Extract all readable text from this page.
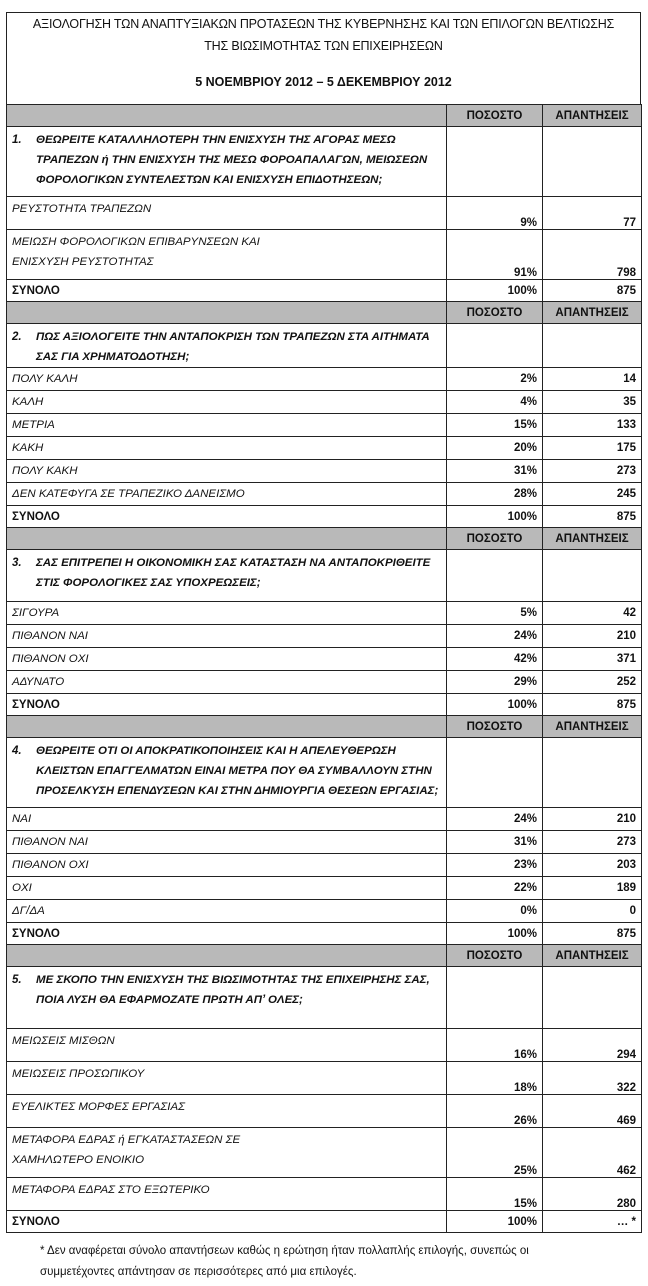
ΑΞΙΟΛΟΓΗΣΗ ΤΩΝ ΑΝΑΠΤΥΞΙΑΚΩΝ ΠΡΟΤΑΣΕΩΝ ΤΗΣ ΚΥΒΕΡΝΗΣΗΣ ΚΑΙ ΤΩΝ ΕΠΙΛΟΓΩΝ ΒΕΛΤΙΩΣΗΣ
ΤΗΣ ΒΙΩΣΙΜΟΤΗΤΑΣ ΤΩΝ ΕΠΙΧΕΙΡΗΣΕΩΝ
5 ΝΟΕΜΒΡΙΟΥ 2012 – 5 ΔΕΚΕΜΒΡΙΟΥ 2012
	ΠΟΣΟΣΤΟ	ΑΠΑΝΤΗΣΕΙΣ

1. ΘΕΩΡΕΙΤΕ ΚΑΤΑΛΛΗΛΟΤΕΡΗ ΤΗΝ ΕΝΙΣΧΥΣΗ ΤΗΣ ΑΓΟΡΑΣ ΜΕΣΩ ΤΡΑΠΕΖΩΝ ή ΤΗΝ ΕΝΙΣΧΥΣΗ ΤΗΣ ΜΕΣΩ ΦΟΡΟΑΠΑΛΑΓΩΝ, ΜΕΙΩΣΕΩΝ ΦΟΡΟΛΟΓΙΚΩΝ ΣΥΝΤΕΛΕΣΤΩΝ ΚΑΙ ΕΝΙΣΧΥΣΗ ΕΠΙΔΟΤΗΣΕΩΝ;		

ΡΕΥΣΤΟΤΗΤΑ ΤΡΑΠΕΖΩΝ	9%	77

ΜΕΙΩΣΗ ΦΟΡΟΛΟΓΙΚΩΝ ΕΠΙΒΑΡΥΝΣΕΩΝ ΚΑΙ ΕΝΙΣΧΥΣΗ ΡΕΥΣΤΟΤΗΤΑΣ	91%	798
ΣΥΝΟΛΟ	100%	875
	ΠΟΣΟΣΤΟ	ΑΠΑΝΤΗΣΕΙΣ

2. ΠΩΣ ΑΞΙΟΛΟΓΕΙΤΕ ΤΗΝ ΑΝΤΑΠΟΚΡΙΣΗ ΤΩΝ ΤΡΑΠΕΖΩΝ ΣΤΑ ΑΙΤΗΜΑΤΑ ΣΑΣ ΓΙΑ ΧΡΗΜΑΤΟΔΟΤΗΣΗ;		

ΠΟΛΥ ΚΑΛΗ	2%	14

ΚΑΛΗ	4%	35

ΜΕΤΡΙΑ	15%	133

ΚΑΚΗ	20%	175

ΠΟΛΥ ΚΑΚΗ	31%	273

ΔΕΝ ΚΑΤΕΦΥΓΑ ΣΕ ΤΡΑΠΕΖΙΚΟ ΔΑΝΕΙΣΜΟ	28%	245
ΣΥΝΟΛΟ	100%	875
	ΠΟΣΟΣΤΟ	ΑΠΑΝΤΗΣΕΙΣ

3. ΣΑΣ ΕΠΙΤΡΕΠΕΙ Η ΟΙΚΟΝΟΜΙΚΗ ΣΑΣ ΚΑΤΑΣΤΑΣΗ ΝΑ ΑΝΤΑΠΟΚΡΙΘΕΙΤΕ ΣΤΙΣ ΦΟΡΟΛΟΓΙΚΕΣ ΣΑΣ ΥΠΟΧΡΕΩΣΕΙΣ;		

ΣΙΓΟΥΡΑ	5%	42

ΠΙΘΑΝΟΝ ΝΑΙ	24%	210

ΠΙΘΑΝΟΝ ΟΧΙ	42%	371

ΑΔΥΝΑΤΟ	29%	252
ΣΥΝΟΛΟ	100%	875
	ΠΟΣΟΣΤΟ	ΑΠΑΝΤΗΣΕΙΣ

4. ΘΕΩΡΕΙΤΕ ΟΤΙ ΟΙ ΑΠΟΚΡΑΤΙΚΟΠΟΙΗΣΕΙΣ ΚΑΙ Η ΑΠΕΛΕΥΘΕΡΩΣΗ ΚΛΕΙΣΤΩΝ ΕΠΑΓΓΕΛΜΑΤΩΝ ΕΙΝΑΙ ΜΕΤΡΑ ΠΟΥ ΘΑ ΣΥΜΒΑΛΛΟΥΝ ΣΤΗΝ ΠΡΟΣΕΛΚΥΣΗ ΕΠΕΝΔΥΣΕΩΝ ΚΑΙ ΣΤΗΝ ΔΗΜΙΟΥΡΓΙΑ ΘΕΣΕΩΝ ΕΡΓΑΣΙΑΣ;		

ΝΑΙ	24%	210

ΠΙΘΑΝΟΝ ΝΑΙ	31%	273

ΠΙΘΑΝΟΝ ΟΧΙ	23%	203

ΟΧΙ	22%	189

ΔΓ/ΔΑ	0%	0
ΣΥΝΟΛΟ	100%	875
	ΠΟΣΟΣΤΟ	ΑΠΑΝΤΗΣΕΙΣ

5. ΜΕ ΣΚΟΠΟ ΤΗΝ ΕΝΙΣΧΥΣΗ ΤΗΣ ΒΙΩΣΙΜΟΤΗΤΑΣ ΤΗΣ ΕΠΙΧΕΙΡΗΣΗΣ ΣΑΣ, ΠΟΙΑ ΛΥΣΗ ΘΑ ΕΦΑΡΜΟΖΑΤΕ ΠΡΩΤΗ ΑΠ’ ΟΛΕΣ;		

ΜΕΙΩΣΕΙΣ ΜΙΣΘΩΝ	16%	294

ΜΕΙΩΣΕΙΣ ΠΡΟΣΩΠΙΚΟΥ	18%	322

ΕΥΕΛΙΚΤΕΣ ΜΟΡΦΕΣ ΕΡΓΑΣΙΑΣ	26%	469

ΜΕΤΑΦΟΡΑ ΕΔΡΑΣ ή ΕΓΚΑΤΑΣΤΑΣΕΩΝ ΣΕ ΧΑΜΗΛΩΤΕΡΟ ΕΝΟΙΚΙΟ	25%	462

ΜΕΤΑΦΟΡΑ ΕΔΡΑΣ ΣΤΟ ΕΞΩΤΕΡΙΚΟ	15%	280
ΣΥΝΟΛΟ	100%	… *
* Δεν αναφέρεται σύνολο απαντήσεων καθώς η ερώτηση ήταν πολλαπλής επιλογής, συνεπώς οι συμμετέχοντες απάντησαν σε περισσότερες από μια επιλογές.
